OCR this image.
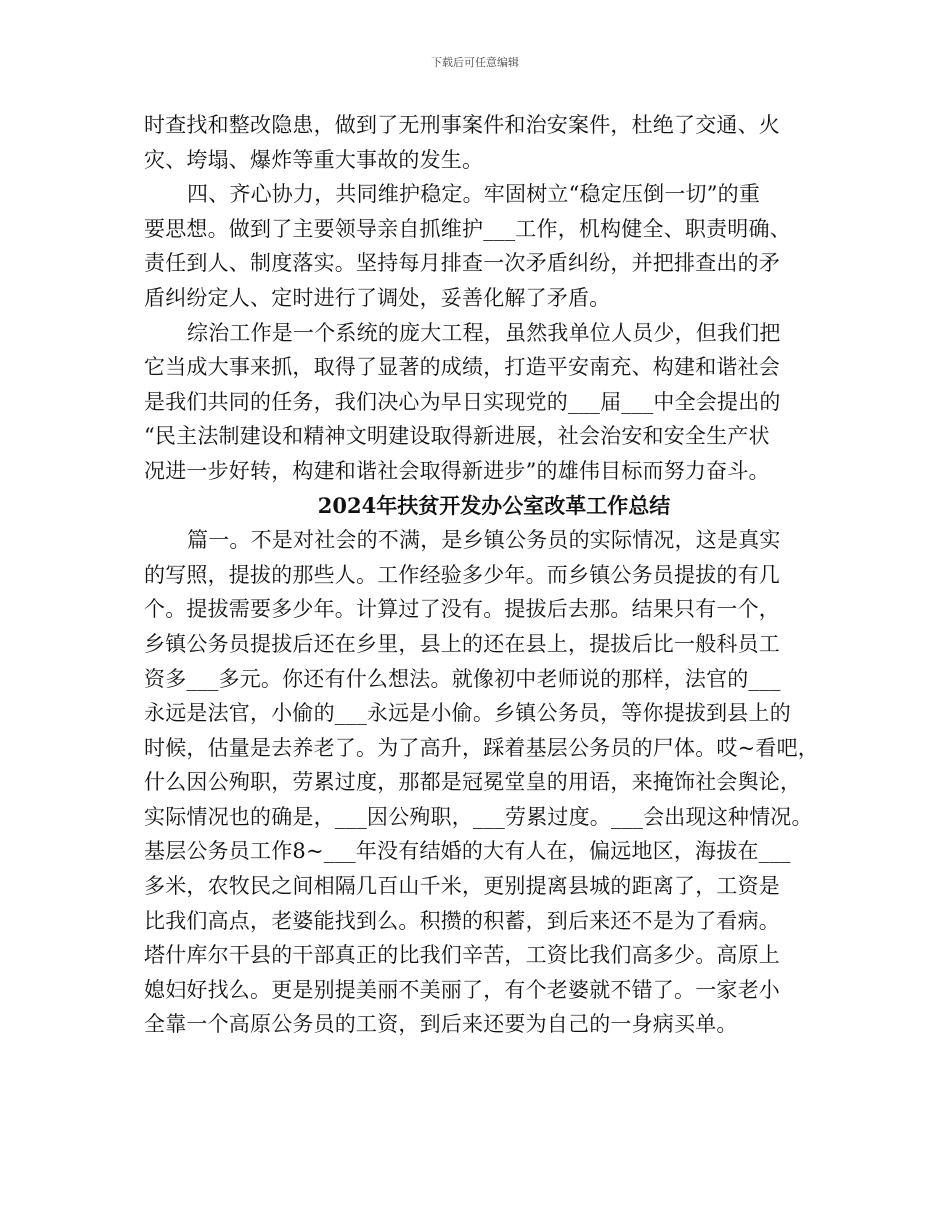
下载后可任意编辑
时查找和整改隐患，做到了无刑事案件和治安案件，杜绝了交通、火
灾、垮塌、爆炸等重大事故的发生。
四、齐心协力，共同维护稳定。牢固树立“稳定压倒一切”的重
要思想。做到了主要领导亲自抓维护___工作，机构健全、职责明确、
责任到人、制度落实。坚持每月排查一次矛盾纠纷，并把排查出的矛
盾纠纷定人、定时进行了调处，妥善化解了矛盾。
综治工作是一个系统的庞大工程，虽然我单位人员少，但我们把
它当成大事来抓，取得了显著的成绩，打造平安南充、构建和谐社会
是我们共同的任务，我们决心为早日实现党的___届___中全会提出的
“民主法制建设和精神文明建设取得新进展，社会治安和安全生产状
况进一步好转，构建和谐社会取得新进步”的雄伟目标而努力奋斗。
2024年扶贫开发办公室改革工作总结
篇一。不是对社会的不满，是乡镇公务员的实际情况，这是真实
的写照，提拔的那些人。工作经验多少年。而乡镇公务员提拔的有几
个。提拔需要多少年。计算过了没有。提拔后去那。结果只有一个，
乡镇公务员提拔后还在乡里，县上的还在县上，提拔后比一般科员工
资多___多元。你还有什么想法。就像初中老师说的那样，法官的___
永远是法官，小偷的___永远是小偷。乡镇公务员，等你提拔到县上的
时候，估量是去养老了。为了高升，踩着基层公务员的尸体。哎~看吧，
什么因公殉职，劳累过度，那都是冠冕堂皇的用语，来掩饰社会舆论，
实际情况也的确是，___因公殉职，___劳累过度。___会出现这种情况。
基层公务员工作8~___年没有结婚的大有人在，偏远地区，海拔在___
多米，农牧民之间相隔几百山千米，更别提离县城的距离了，工资是
比我们高点，老婆能找到么。积攒的积蓄，到后来还不是为了看病。
塔什库尔干县的干部真正的比我们辛苦，工资比我们高多少。高原上
媳妇好找么。更是别提美丽不美丽了，有个老婆就不错了。一家老小
全靠一个高原公务员的工资，到后来还要为自己的一身病买单。
